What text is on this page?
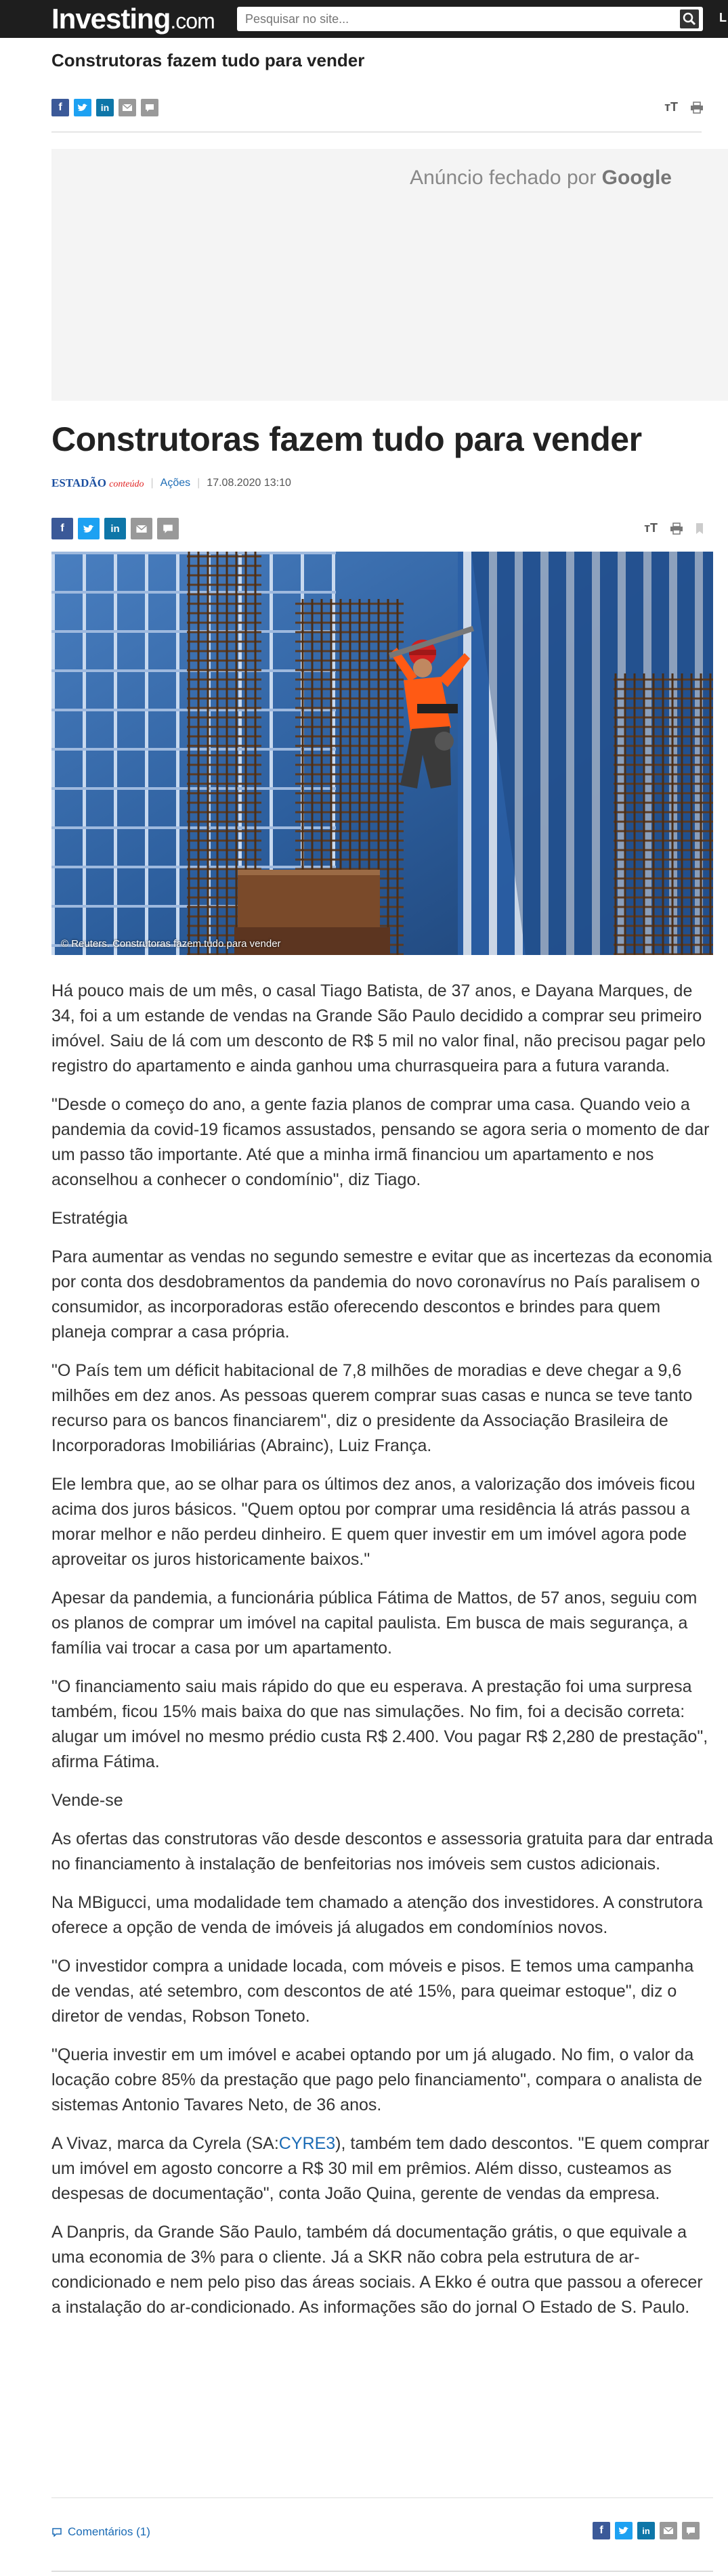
Investing.com
Pesquisar no site...	L
Construtoras fazem tudo para vender
f	in	тT
Anúncio fechado por Google
Construtoras fazem tudo para vender
ESTADÃO conteúdo | Ações | 17.08.2020 13:10
f	in	тT
© Reuters. Construtoras fazem tudo para vender

Há pouco mais de um mês, o casal Tiago Batista, de 37 anos, e Dayana Marques, de 34, foi a um estande de vendas na Grande São Paulo decidido a comprar seu primeiro imóvel. Saiu de lá com um desconto de R$ 5 mil no valor final, não precisou pagar pelo registro do apartamento e ainda ganhou uma churrasqueira para a futura varanda.

"Desde o começo do ano, a gente fazia planos de comprar uma casa. Quando veio a pandemia da covid-19 ficamos assustados, pensando se agora seria o momento de dar um passo tão importante. Até que a minha irmã financiou um apartamento e nos aconselhou a conhecer o condomínio", diz Tiago.

Estratégia

Para aumentar as vendas no segundo semestre e evitar que as incertezas da economia por conta dos desdobramentos da pandemia do novo coronavírus no País paralisem o consumidor, as incorporadoras estão oferecendo descontos e brindes para quem planeja comprar a casa própria.

"O País tem um déficit habitacional de 7,8 milhões de moradias e deve chegar a 9,6 milhões em dez anos. As pessoas querem comprar suas casas e nunca se teve tanto recurso para os bancos financiarem", diz o presidente da Associação Brasileira de Incorporadoras Imobiliárias (Abrainc), Luiz França.

Ele lembra que, ao se olhar para os últimos dez anos, a valorização dos imóveis ficou acima dos juros básicos. "Quem optou por comprar uma residência lá atrás passou a morar melhor e não perdeu dinheiro. E quem quer investir em um imóvel agora pode aproveitar os juros historicamente baixos."

Apesar da pandemia, a funcionária pública Fátima de Mattos, de 57 anos, seguiu com os planos de comprar um imóvel na capital paulista. Em busca de mais segurança, a família vai trocar a casa por um apartamento.

"O financiamento saiu mais rápido do que eu esperava. A prestação foi uma surpresa também, ficou 15% mais baixa do que nas simulações. No fim, foi a decisão correta: alugar um imóvel no mesmo prédio custa R$ 2.400. Vou pagar R$ 2,280 de prestação", afirma Fátima.

Vende-se

As ofertas das construtoras vão desde descontos e assessoria gratuita para dar entrada no financiamento à instalação de benfeitorias nos imóveis sem custos adicionais.

Na MBigucci, uma modalidade tem chamado a atenção dos investidores. A construtora oferece a opção de venda de imóveis já alugados em condomínios novos.

"O investidor compra a unidade locada, com móveis e pisos. E temos uma campanha de vendas, até setembro, com descontos de até 15%, para queimar estoque", diz o diretor de vendas, Robson Toneto.

"Queria investir em um imóvel e acabei optando por um já alugado. No fim, o valor da locação cobre 85% da prestação que pago pelo financiamento", compara o analista de sistemas Antonio Tavares Neto, de 36 anos.

A Vivaz, marca da Cyrela (SA:CYRE3), também tem dado descontos. "E quem comprar um imóvel em agosto concorre a R$ 30 mil em prêmios. Além disso, custeamos as despesas de documentação", conta João Quina, gerente de vendas da empresa.

A Danpris, da Grande São Paulo, também dá documentação grátis, o que equivale a uma economia de 3% para o cliente. Já a SKR não cobra pela estrutura de ar-condicionado e nem pelo piso das áreas sociais. A Ekko é outra que passou a oferecer a instalação do ar-condicionado. As informações são do jornal O Estado de S. Paulo.

Comentários (1)	f	in
